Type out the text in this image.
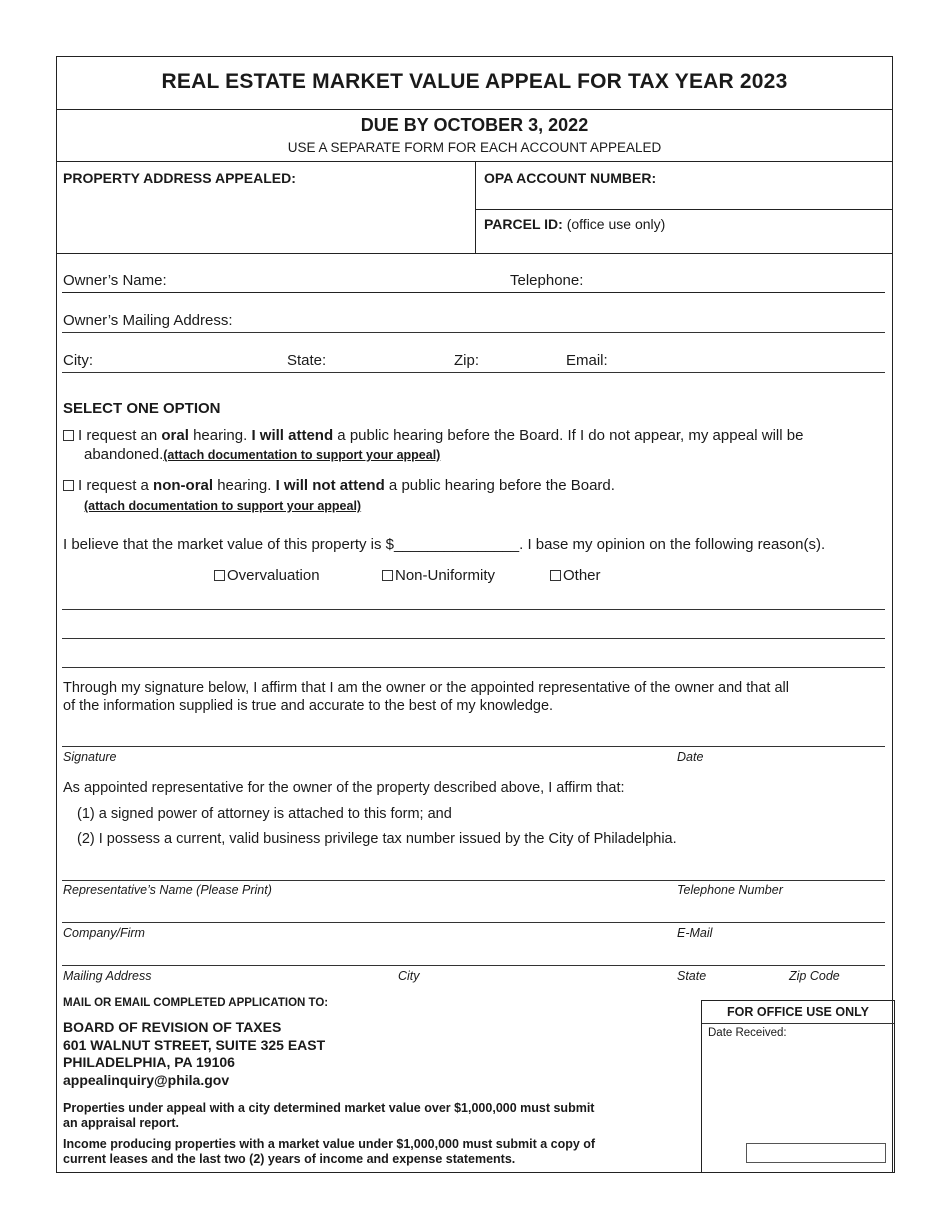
REAL ESTATE MARKET VALUE APPEAL FOR TAX YEAR 2023
DUE BY OCTOBER 3, 2022
USE A SEPARATE FORM FOR EACH ACCOUNT APPEALED
PROPERTY ADDRESS APPEALED:	OPA ACCOUNT NUMBER:
PARCEL ID: (office use only)
Owner’s Name:	Telephone:
Owner’s Mailing Address:
City:	State:	Zip:	Email:
SELECT ONE OPTION
I request an oral hearing. I will attend a public hearing before the Board. If I do not appear, my appeal will be
abandoned.(attach documentation to support your appeal)
I request a non-oral hearing. I will not attend a public hearing before the Board.
(attach documentation to support your appeal)
I believe that the market value of this property is $_______________. I base my opinion on the following reason(s).
Overvaluation	Non-Uniformity	Other
Through my signature below, I affirm that I am the owner or the appointed representative of the owner and that all
of the information supplied is true and accurate to the best of my knowledge.
Signature	Date
As appointed representative for the owner of the property described above, I affirm that:
(1) a signed power of attorney is attached to this form; and
(2) I possess a current, valid business privilege tax number issued by the City of Philadelphia.
Representative’s Name (Please Print)	Telephone Number
Company/Firm	E-Mail
Mailing Address	City	State	Zip Code
MAIL OR EMAIL COMPLETED APPLICATION TO:
BOARD OF REVISION OF TAXES
601 WALNUT STREET, SUITE 325 EAST
PHILADELPHIA, PA 19106
appealinquiry@phila.gov
Properties under appeal with a city determined market value over $1,000,000 must submit
an appraisal report.
Income producing properties with a market value under $1,000,000 must submit a copy of
current leases and the last two (2) years of income and expense statements.
FOR OFFICE USE ONLY
Date Received:
